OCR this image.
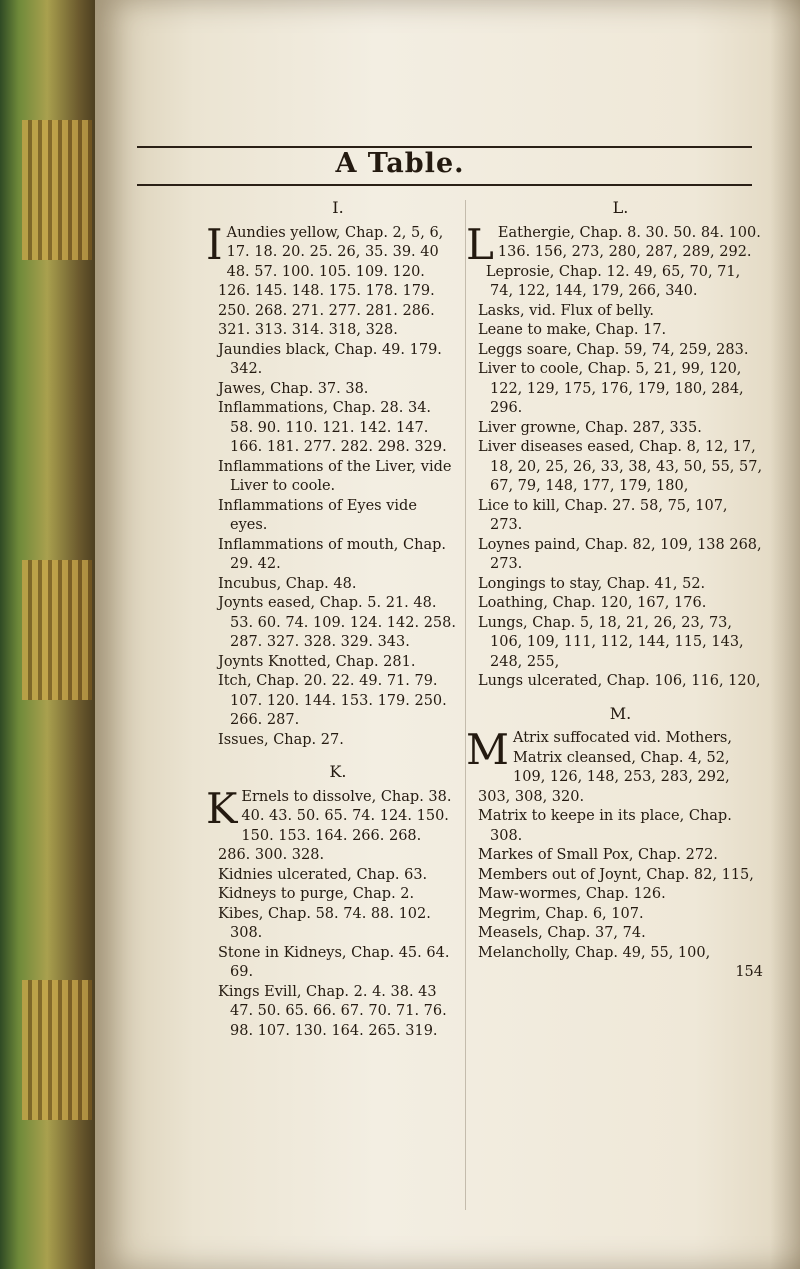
A Table.
I.

I Aundies yellow, Chap. 2, 5, 6, 17. 18. 20. 25. 26, 35. 39. 40 48. 57. 100. 105. 109. 120. 126. 145. 148. 175. 178. 179. 250. 268. 271. 277. 281. 286. 321. 313. 314. 318, 328.

Jaundies black, Chap. 49. 179. 342.

Jawes, Chap. 37. 38.

Inflammations, Chap. 28. 34. 58. 90. 110. 121. 142. 147. 166. 181. 277. 282. 298. 329.

Inflammations of the Liver, vide Liver to coole.

Inflammations of Eyes vide eyes.

Inflammations of mouth, Chap. 29. 42.

Incubus, Chap. 48.

Joynts eased, Chap. 5. 21. 48. 53. 60. 74. 109. 124. 142. 258. 287. 327. 328. 329. 343.

Joynts Knotted, Chap. 281.

Itch, Chap. 20. 22. 49. 71. 79. 107. 120. 144. 153. 179. 250. 266. 287.

Issues, Chap. 27.

K.

K Ernels to dissolve, Chap. 38. 40. 43. 50. 65. 74. 124. 150. 150. 153. 164. 266. 268. 286. 300. 328.

Kidnies ulcerated, Chap. 63.

Kidneys to purge, Chap. 2.

Kibes, Chap. 58. 74. 88. 102. 308.

Stone in Kidneys, Chap. 45. 64. 69.

Kings Evill, Chap. 2. 4. 38. 43 47. 50. 65. 66. 67. 70. 71. 76. 98. 107. 130. 164. 265. 319.

L.

L Eathergie, Chap. 8. 30. 50. 84. 100. 136. 156, 273, 280, 287, 289, 292.

Leprosie, Chap. 12. 49, 65, 70, 71, 74, 122, 144, 179, 266, 340.

Lasks, vid. Flux of belly.

Leane to make, Chap. 17.

Leggs soare, Chap. 59, 74, 259, 283.

Liver to coole, Chap. 5, 21, 99, 120, 122, 129, 175, 176, 179, 180, 284, 296.

Liver growne, Chap. 287, 335.

Liver diseases eased, Chap. 8, 12, 17, 18, 20, 25, 26, 33, 38, 43, 50, 55, 57, 67, 79, 148, 177, 179, 180,

Lice to kill, Chap. 27. 58, 75, 107, 273.

Loynes paind, Chap. 82, 109, 138 268, 273.

Longings to stay, Chap. 41, 52.

Loathing, Chap. 120, 167, 176.

Lungs, Chap. 5, 18, 21, 26, 23, 73, 106, 109, 111, 112, 144, 115, 143, 248, 255,

Lungs ulcerated, Chap. 106, 116, 120,

M.

M Atrix suffocated vid. Mothers, Matrix cleansed, Chap. 4, 52, 109, 126, 148, 253, 283, 292, 303, 308, 320.

Matrix to keepe in its place, Chap. 308.

Markes of Small Pox, Chap. 272.

Members out of Joynt, Chap. 82, 115,

Maw-wormes, Chap. 126.

Megrim, Chap. 6, 107.

Measels, Chap. 37, 74.

Melancholly, Chap. 49, 55, 100,

154
